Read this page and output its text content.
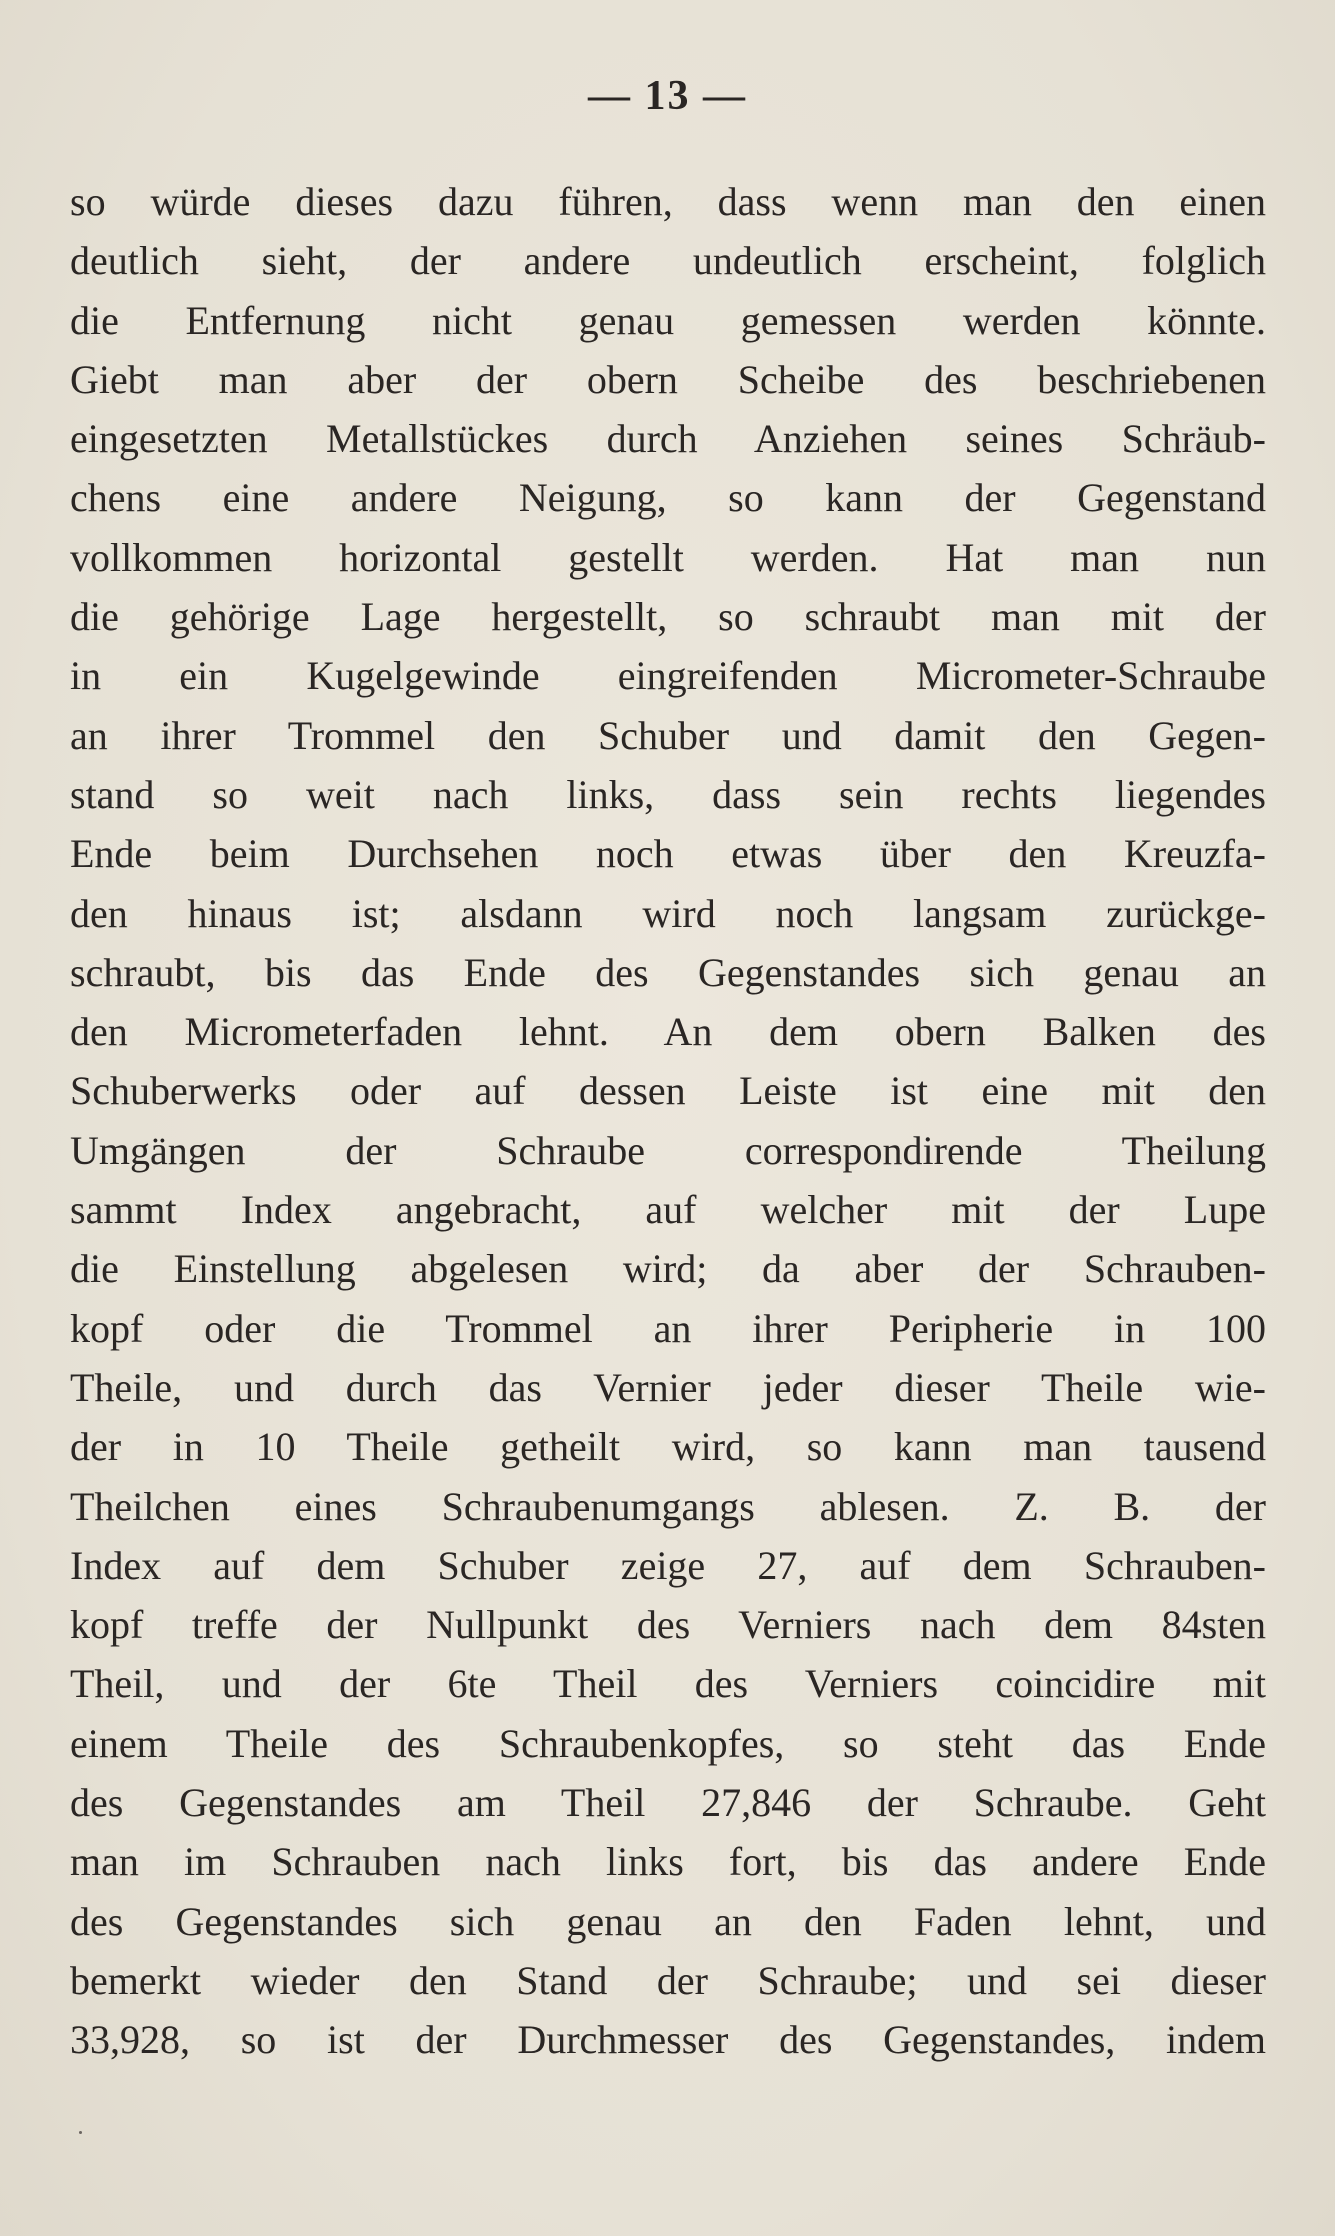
— 13 —
so würde dieses dazu führen, dass wenn man den einen
deutlich sieht, der andere undeutlich erscheint, folglich
die Entfernung nicht genau gemessen werden könnte.
Giebt man aber der obern Scheibe des beschriebenen
eingesetzten Metallstückes durch Anziehen seines Schräub-
chens eine andere Neigung, so kann der Gegenstand
vollkommen horizontal gestellt werden. Hat man nun
die gehörige Lage hergestellt, so schraubt man mit der
in ein Kugelgewinde eingreifenden Micrometer-Schraube
an ihrer Trommel den Schuber und damit den Gegen-
stand so weit nach links, dass sein rechts liegendes
Ende beim Durchsehen noch etwas über den Kreuzfa-
den hinaus ist; alsdann wird noch langsam zurückge-
schraubt, bis das Ende des Gegenstandes sich genau an
den Micrometerfaden lehnt. An dem obern Balken des
Schuberwerks oder auf dessen Leiste ist eine mit den
Umgängen der Schraube correspondirende Theilung
sammt Index angebracht, auf welcher mit der Lupe
die Einstellung abgelesen wird; da aber der Schrauben-
kopf oder die Trommel an ihrer Peripherie in 100
Theile, und durch das Vernier jeder dieser Theile wie-
der in 10 Theile getheilt wird, so kann man tausend
Theilchen eines Schraubenumgangs ablesen. Z. B. der
Index auf dem Schuber zeige 27, auf dem Schrauben-
kopf treffe der Nullpunkt des Verniers nach dem 84sten
Theil, und der 6te Theil des Verniers coincidire mit
einem Theile des Schraubenkopfes, so steht das Ende
des Gegenstandes am Theil 27,846 der Schraube. Geht
man im Schrauben nach links fort, bis das andere Ende
des Gegenstandes sich genau an den Faden lehnt, und
bemerkt wieder den Stand der Schraube; und sei dieser
33,928, so ist der Durchmesser des Gegenstandes, indem
